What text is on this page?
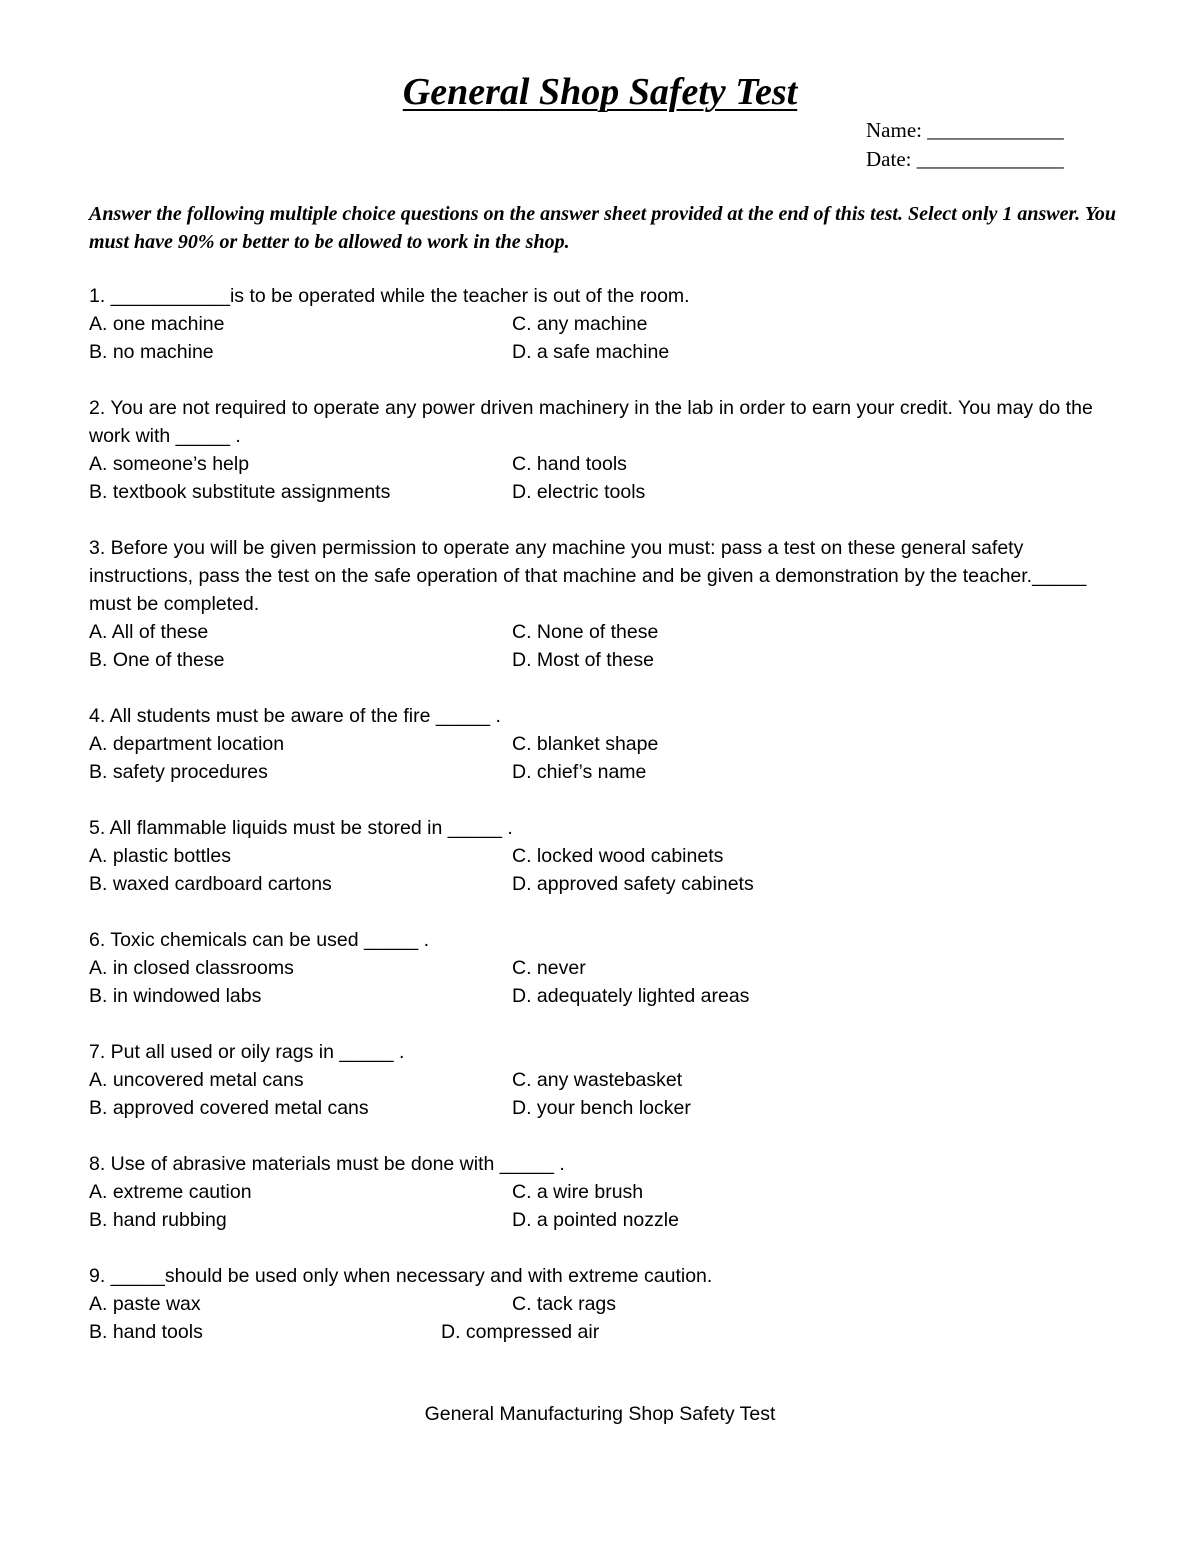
General Shop Safety Test
Name: _____________
Date: ______________
Answer the following multiple choice questions on the answer sheet provided at the end of this test. Select only 1 answer. You must have 90% or better to be allowed to work in the shop.
1. ___________is to be operated while the teacher is out of the room.
A. one machine	C. any machine
B. no machine	D. a safe machine
2. You are not required to operate any power driven machinery in the lab in order to earn your credit. You may do the work with _____ .
A. someone’s help	C. hand tools
B. textbook substitute assignments	D. electric tools
3. Before you will be given permission to operate any machine you must: pass a test on these general safety instructions, pass the test on the safe operation of that machine and be given a demonstration by the teacher._____ must be completed.
A. All of these	C. None of these
B. One of these	D. Most of these
4. All students must be aware of the fire _____ .
A. department location	C. blanket shape
B. safety procedures	D. chief’s name
5. All flammable liquids must be stored in _____ .
A. plastic bottles	C. locked wood cabinets
B. waxed cardboard cartons	D. approved safety cabinets
6. Toxic chemicals can be used _____ .
A. in closed classrooms	C. never
B. in windowed labs	D. adequately lighted areas
7. Put all used or oily rags in _____ .
A. uncovered metal cans	C. any wastebasket
B. approved covered metal cans	D. your bench locker
8. Use of abrasive materials must be done with _____ .
A. extreme caution	C. a wire brush
B. hand rubbing	D. a pointed nozzle
9. _____should be used only when necessary and with extreme caution.
A. paste wax	C. tack rags
B. hand tools	D. compressed air
General Manufacturing Shop Safety Test
